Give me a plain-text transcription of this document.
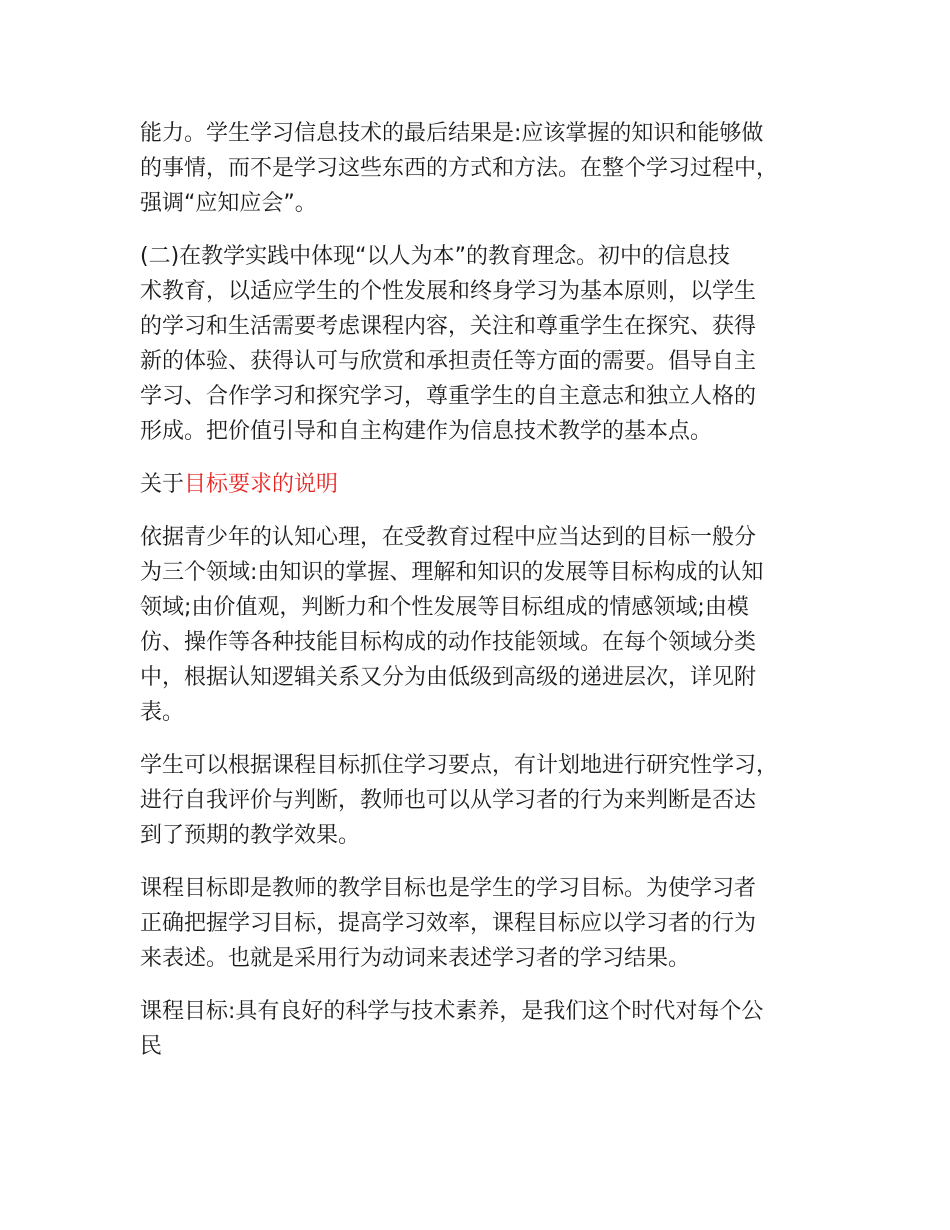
能力。学生学习信息技术的最后结果是:应该掌握的知识和能够做
的事情，而不是学习这些东西的方式和方法。在整个学习过程中，
强调“应知应会”。

(二)在教学实践中体现“以人为本”的教育理念。初中的信息技
术教育，以适应学生的个性发展和终身学习为基本原则，以学生
的学习和生活需要考虑课程内容，关注和尊重学生在探究、获得
新的体验、获得认可与欣赏和承担责任等方面的需要。倡导自主
学习、合作学习和探究学习，尊重学生的自主意志和独立人格的
形成。把价值引导和自主构建作为信息技术教学的基本点。

关于目标要求的说明

依据青少年的认知心理，在受教育过程中应当达到的目标一般分
为三个领域:由知识的掌握、理解和知识的发展等目标构成的认知
领域;由价值观，判断力和个性发展等目标组成的情感领域;由模
仿、操作等各种技能目标构成的动作技能领域。在每个领域分类
中，根据认知逻辑关系又分为由低级到高级的递进层次，详见附
表。

学生可以根据课程目标抓住学习要点，有计划地进行研究性学习，
进行自我评价与判断，教师也可以从学习者的行为来判断是否达
到了预期的教学效果。

课程目标即是教师的教学目标也是学生的学习目标。为使学习者
正确把握学习目标，提高学习效率，课程目标应以学习者的行为
来表述。也就是采用行为动词来表述学习者的学习结果。

课程目标:具有良好的科学与技术素养，是我们这个时代对每个公
民
